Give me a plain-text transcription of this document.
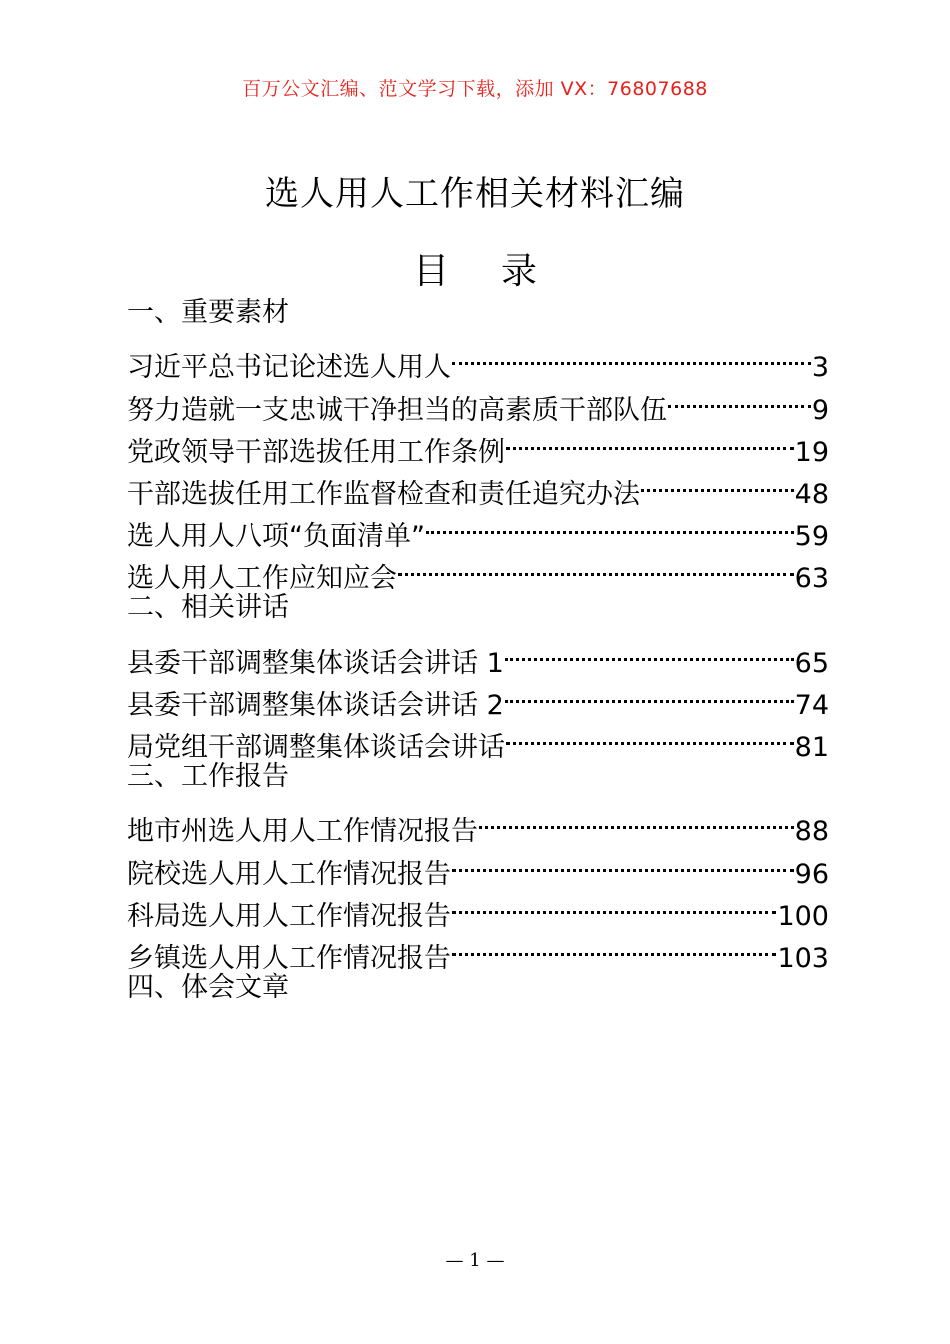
百万公文汇编、范文学习下载，添加 VX：76807688
选人用人工作相关材料汇编
目 录
一、重要素材
习近平总书记论述选人用人	3
努力造就一支忠诚干净担当的高素质干部队伍	9
党政领导干部选拔任用工作条例	19
干部选拔任用工作监督检查和责任追究办法	48
选人用人八项“负面清单”	59
选人用人工作应知应会	63
二、相关讲话
县委干部调整集体谈话会讲话 1	65
县委干部调整集体谈话会讲话 2	74
局党组干部调整集体谈话会讲话	81
三、工作报告
地市州选人用人工作情况报告	88
院校选人用人工作情况报告	96
科局选人用人工作情况报告	100
乡镇选人用人工作情况报告	103
四、体会文章
— 1 —
